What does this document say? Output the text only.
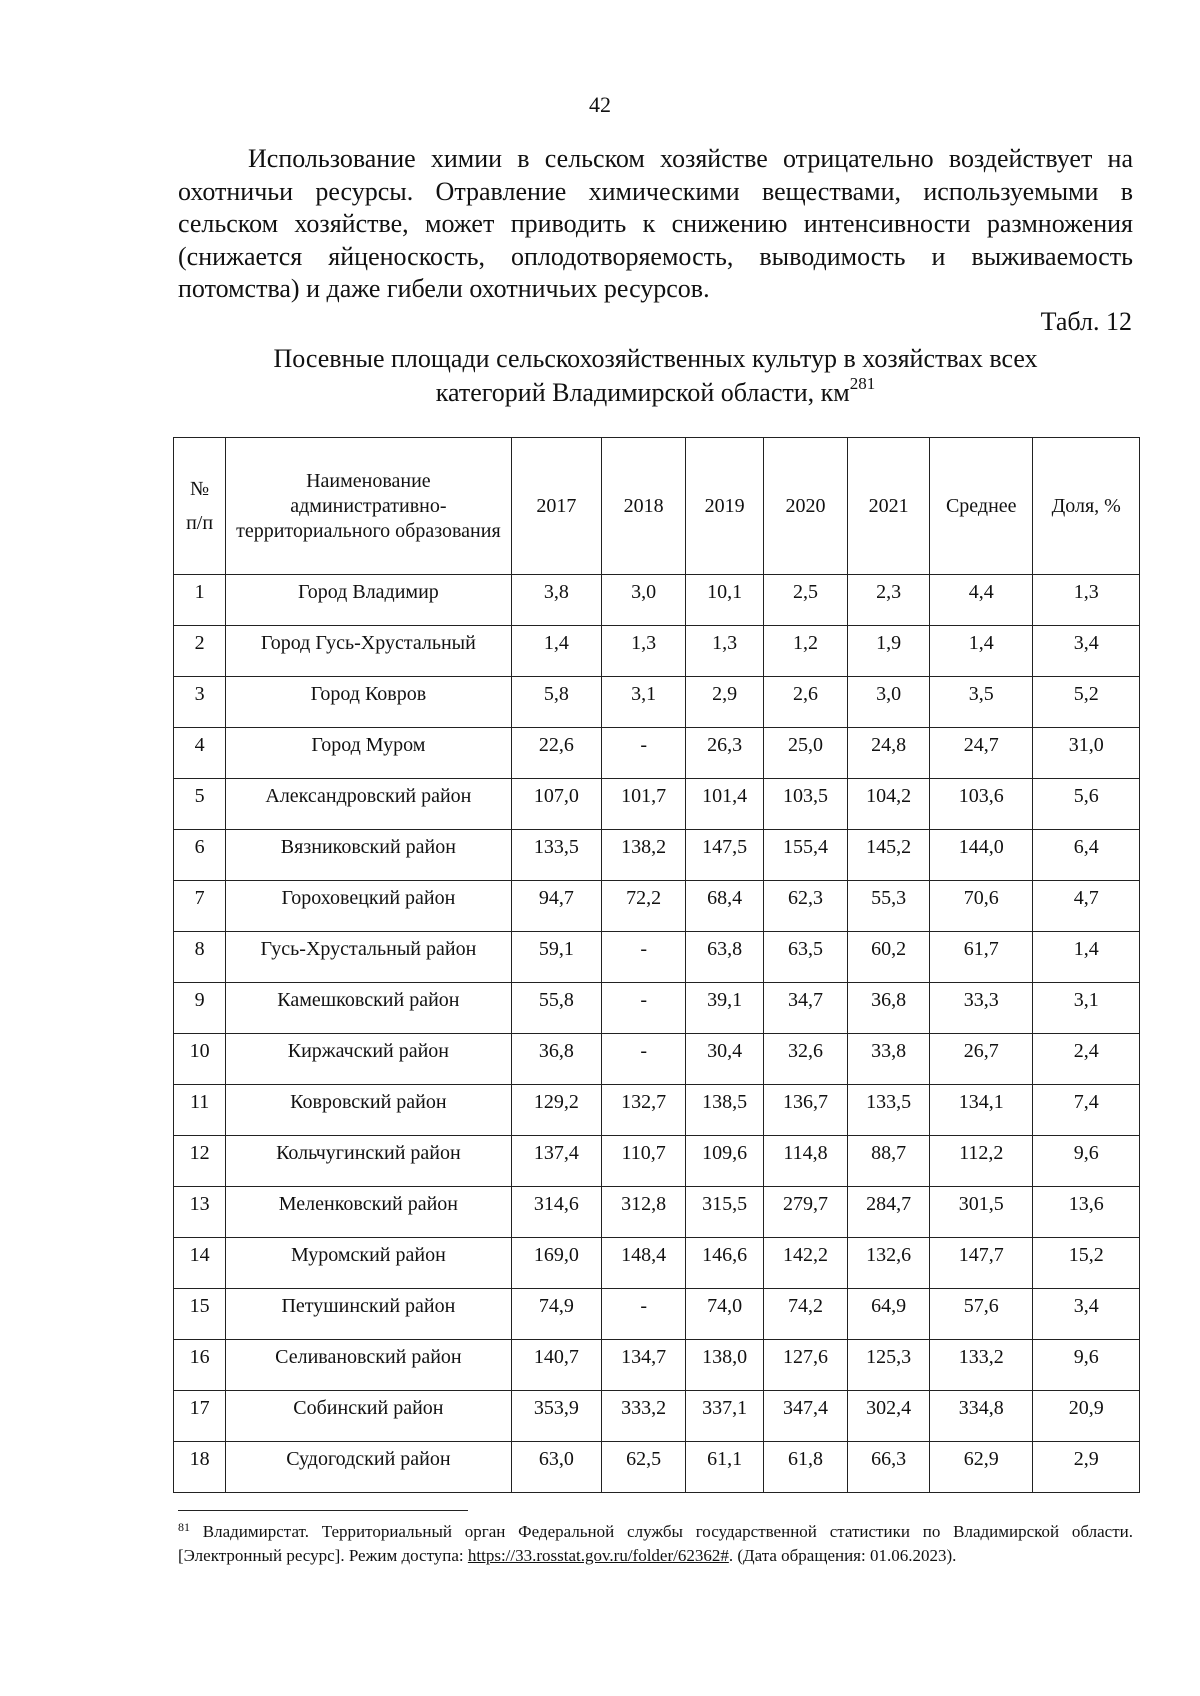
42

Использование химии в сельском хозяйстве отрицательно воздействует на охотничьи ресурсы. Отравление химическими веществами, используемыми в сельском хозяйстве, может приводить к снижению интенсивности размножения (снижается яйценоскость, оплодотворяемость, выводимость и выживаемость потомства) и даже гибели охотничьих ресурсов.

Табл. 12
Посевные площади сельскохозяйственных культур в хозяйствах всех
категорий Владимирской области, $км^{281}$
№
п/п	Наименование административно-территориального образования	2017	2018	2019	2020	2021	Среднее	Доля, %
1	Город Владимир	3,8	3,0	10,1	2,5	2,3	4,4	1,3
2	Город Гусь-Хрустальный	1,4	1,3	1,3	1,2	1,9	1,4	3,4
3	Город Ковров	5,8	3,1	2,9	2,6	3,0	3,5	5,2
4	Город Муром	22,6	-	26,3	25,0	24,8	24,7	31,0
5	Александровский район	107,0	101,7	101,4	103,5	104,2	103,6	5,6
6	Вязниковский район	133,5	138,2	147,5	155,4	145,2	144,0	6,4
7	Гороховецкий район	94,7	72,2	68,4	62,3	55,3	70,6	4,7
8	Гусь-Хрустальный район	59,1	-	63,8	63,5	60,2	61,7	1,4
9	Камешковский район	55,8	-	39,1	34,7	36,8	33,3	3,1
10	Киржачский район	36,8	-	30,4	32,6	33,8	26,7	2,4
11	Ковровский район	129,2	132,7	138,5	136,7	133,5	134,1	7,4
12	Кольчугинский район	137,4	110,7	109,6	114,8	88,7	112,2	9,6
13	Меленковский район	314,6	312,8	315,5	279,7	284,7	301,5	13,6
14	Муромский район	169,0	148,4	146,6	142,2	132,6	147,7	15,2
15	Петушинский район	74,9	-	74,0	74,2	64,9	57,6	3,4
16	Селивановский район	140,7	134,7	138,0	127,6	125,3	133,2	9,6
17	Собинский район	353,9	333,2	337,1	347,4	302,4	334,8	20,9
18	Судогодский район	63,0	62,5	61,1	61,8	66,3	62,9	2,9

$^{81}$ Владимирстат. Территориальный орган Федеральной службы государственной статистики по Владимирской области. [Электронный ресурс]. Режим доступа: https://33.rosstat.gov.ru/folder/62362#. (Дата обращения: 01.06.2023).
